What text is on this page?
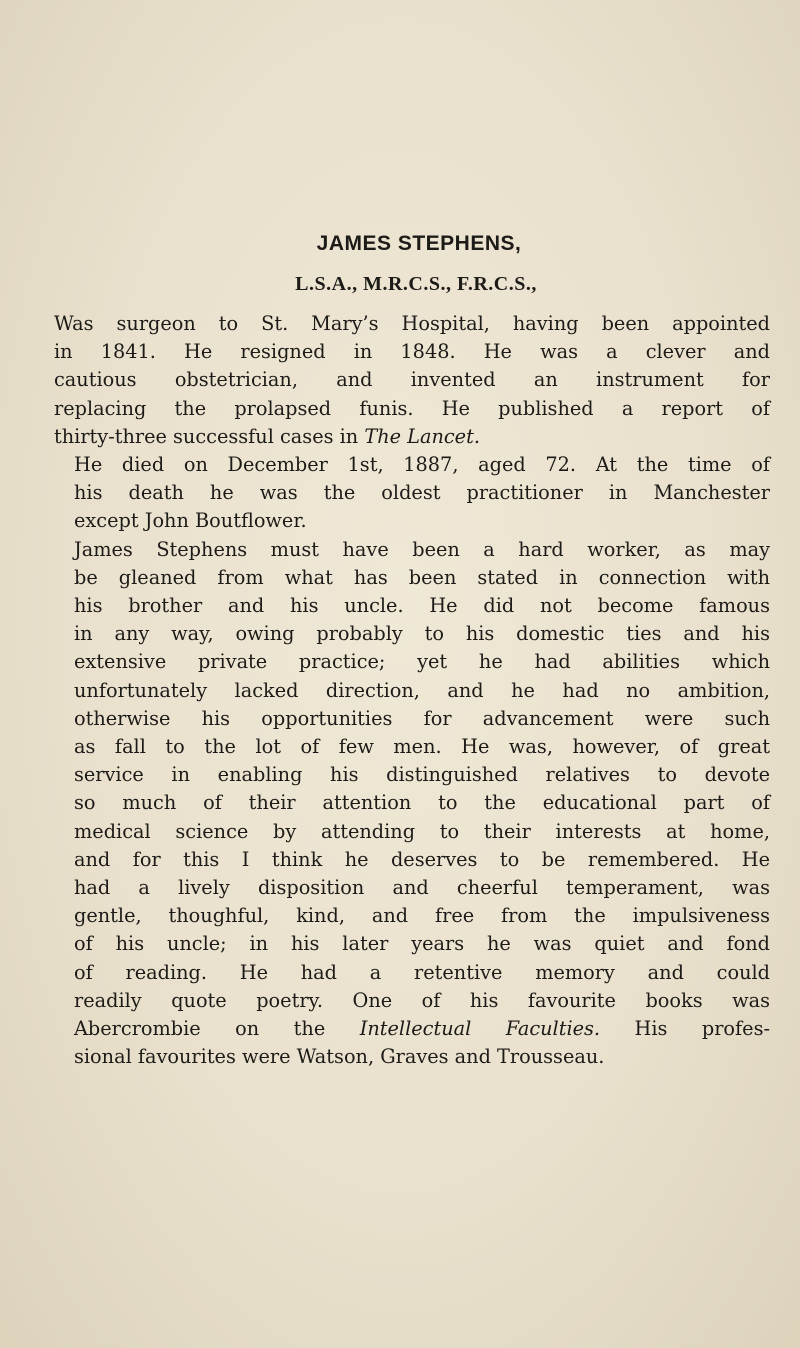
JAMES STEPHENS,
L.S.A., M.R.C.S., F.R.C.S.,

Was surgeon to St. Mary’s Hospital, having been appointed
in 1841. He resigned in 1848. He was a clever and
cautious obstetrician, and invented an instrument for
replacing the prolapsed funis. He published a report of
thirty-three successful cases in The Lancet.

He died on December 1st, 1887, aged 72. At the time of
his death he was the oldest practitioner in Manchester
except John Boutflower.

James Stephens must have been a hard worker, as may
be gleaned from what has been stated in connection with
his brother and his uncle. He did not become famous
in any way, owing probably to his domestic ties and his
extensive private practice; yet he had abilities which
unfortunately lacked direction, and he had no ambition,
otherwise his opportunities for advancement were such
as fall to the lot of few men. He was, however, of great
service in enabling his distinguished relatives to devote
so much of their attention to the educational part of
medical science by attending to their interests at home,
and for this I think he deserves to be remembered. He
had a lively disposition and cheerful temperament, was
gentle, thoughful, kind, and free from the impulsiveness
of his uncle; in his later years he was quiet and fond
of reading. He had a retentive memory and could
readily quote poetry. One of his favourite books was
Abercrombie on the Intellectual Faculties. His profes-
sional favourites were Watson, Graves and Trousseau.
